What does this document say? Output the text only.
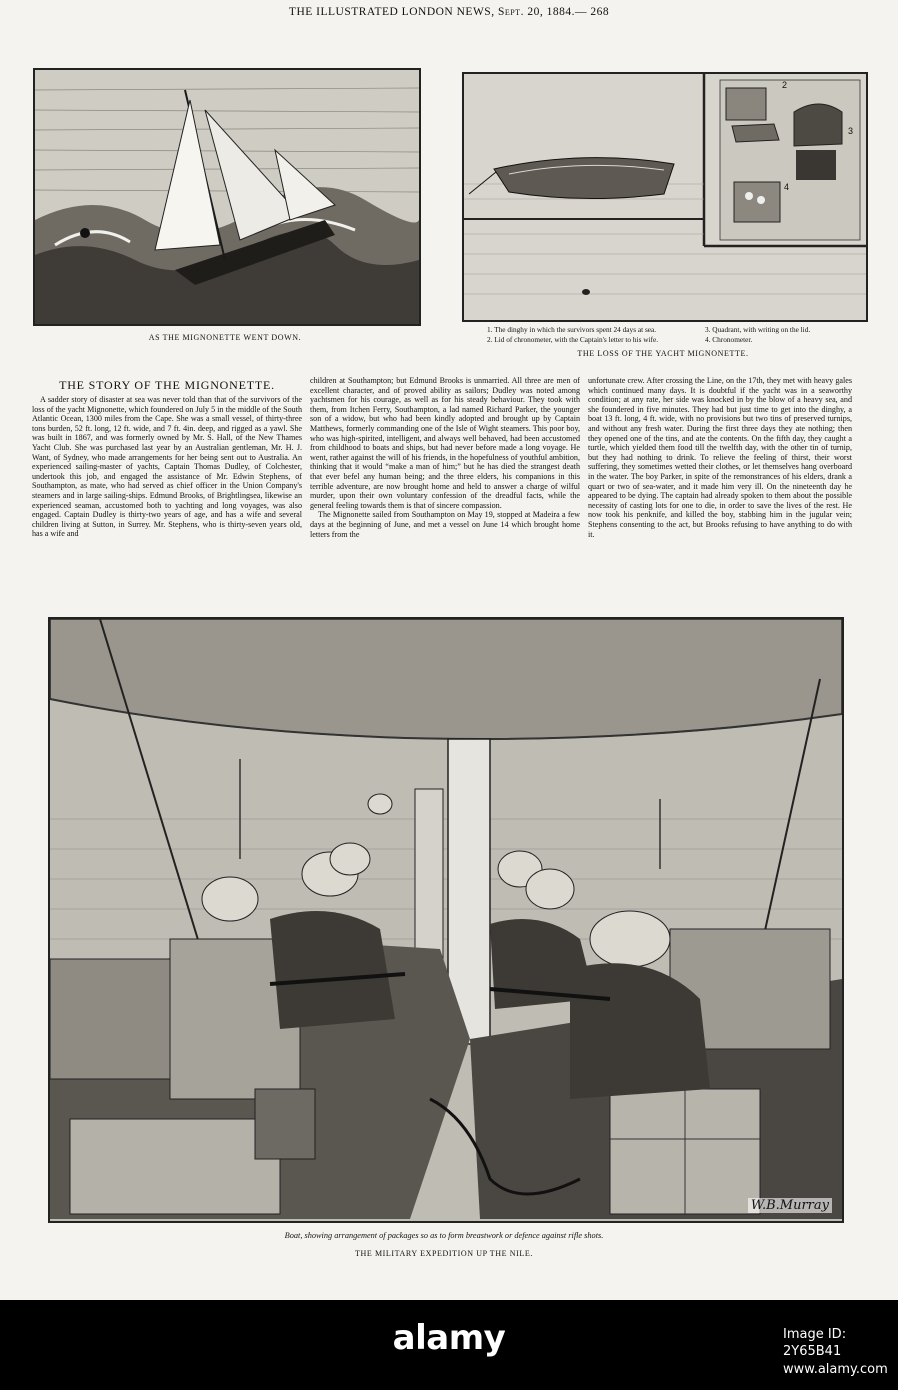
THE ILLUSTRATED LONDON NEWS, Sept. 20, 1884.— 268
AS THE MIGNONETTE WENT DOWN.
2
3
4
1. The dinghy in which the survivors spent 24 days at sea.	3. Quadrant, with writing on the lid.
2. Lid of chronometer, with the Captain's letter to his wife.	4. Chronometer.
THE LOSS OF THE YACHT MIGNONETTE.
THE STORY OF THE MIGNONETTE.

A sadder story of disaster at sea was never told than that of the survivors of the loss of the yacht Mignonette, which foundered on July 5 in the middle of the South Atlantic Ocean, 1300 miles from the Cape. She was a small vessel, of thirty-three tons burden, 52 ft. long, 12 ft. wide, and 7 ft. 4in. deep, and rigged as a yawl. She was built in 1867, and was formerly owned by Mr. S. Hall, of the New Thames Yacht Club. She was purchased last year by an Australian gentleman, Mr. H. J. Want, of Sydney, who made arrangements for her being sent out to Australia. An experienced sailing-master of yachts, Captain Thomas Dudley, of Colchester, undertook this job, and engaged the assistance of Mr. Edwin Stephens, of Southampton, as mate, who had served as chief officer in the Union Company's steamers and in large sailing-ships. Edmund Brooks, of Brightlingsea, likewise an experienced seaman, accustomed both to yachting and long voyages, was also engaged. Captain Dudley is thirty-two years of age, and has a wife and several children living at Sutton, in Surrey. Mr. Stephens, who is thirty-seven years old, has a wife and

children at Southampton; but Edmund Brooks is unmarried. All three are men of excellent character, and of proved ability as sailors; Dudley was noted among yachtsmen for his courage, as well as for his steady behaviour. They took with them, from Itchen Ferry, Southampton, a lad named Richard Parker, the younger son of a widow, but who had been kindly adopted and brought up by Captain Matthews, formerly commanding one of the Isle of Wight steamers. This poor boy, who was high-spirited, intelligent, and always well behaved, had been accustomed from childhood to boats and ships, but had never before made a long voyage. He went, rather against the will of his friends, in the hopefulness of youthful ambition, thinking that it would “make a man of him;” but he has died the strangest death that ever befel any human being; and the three elders, his companions in this terrible adventure, are now brought home and held to answer a charge of wilful murder, upon their own voluntary confession of the dreadful facts, while the general feeling towards them is that of sincere compassion.

The Mignonette sailed from Southampton on May 19, stopped at Madeira a few days at the beginning of June, and met a vessel on June 14 which brought home letters from the

unfortunate crew. After crossing the Line, on the 17th, they met with heavy gales which continued many days. It is doubtful if the yacht was in a seaworthy condition; at any rate, her side was knocked in by the blow of a heavy sea, and she foundered in five minutes. They had but just time to get into the dinghy, a boat 13 ft. long, 4 ft. wide, with no provisions but two tins of preserved turnips, and without any fresh water. During the first three days they ate nothing; then they opened one of the tins, and ate the contents. On the fifth day, they caught a turtle, which yielded them food till the twelfth day, with the other tin of turnip, but they had nothing to drink. To relieve the feeling of thirst, their worst suffering, they sometimes wetted their clothes, or let themselves hang overboard in the water. The boy Parker, in spite of the remonstrances of his elders, drank a quart or two of sea-water, and it made him very ill. On the nineteenth day he appeared to be dying. The captain had already spoken to them about the possible necessity of casting lots for one to die, in order to save the lives of the rest. He now took his penknife, and killed the boy, stabbing him in the jugular vein; Stephens consenting to the act, but Brooks refusing to have anything to do with it.

W.B.Murray
Boat, showing arrangement of packages so as to form breastwork or defence against rifle shots.
THE MILITARY EXPEDITION UP THE NILE.
alamy	Image ID: 2Y65B41
www.alamy.com
